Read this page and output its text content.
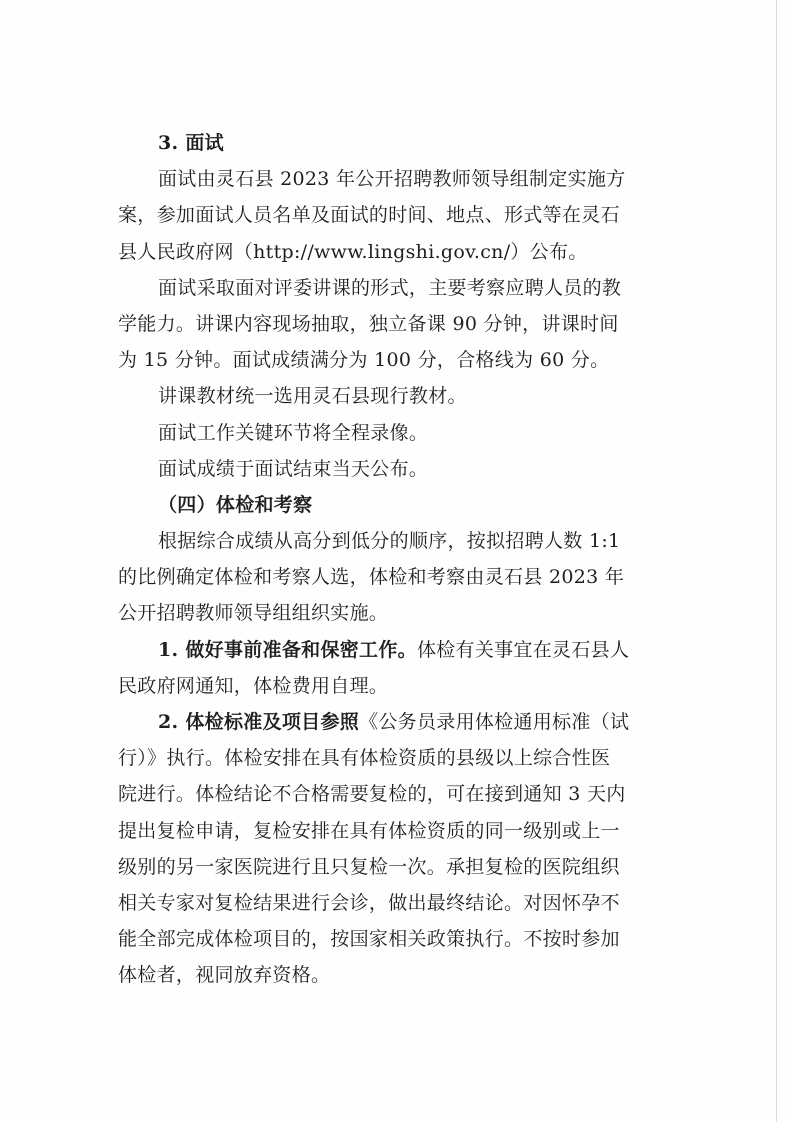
3. 面试
面试由灵石县 2023 年公开招聘教师领导组制定实施方
案，参加面试人员名单及面试的时间、地点、形式等在灵石
县人民政府网（http://www.lingshi.gov.cn/）公布。
面试采取面对评委讲课的形式，主要考察应聘人员的教
学能力。讲课内容现场抽取，独立备课 90 分钟，讲课时间
为 15 分钟。面试成绩满分为 100 分，合格线为 60 分。
讲课教材统一选用灵石县现行教材。
面试工作关键环节将全程录像。
面试成绩于面试结束当天公布。
（四）体检和考察
根据综合成绩从高分到低分的顺序，按拟招聘人数 1:1
的比例确定体检和考察人选，体检和考察由灵石县 2023 年
公开招聘教师领导组组织实施。
1. 做好事前准备和保密工作。体检有关事宜在灵石县人
民政府网通知，体检费用自理。
2. 体检标准及项目参照《公务员录用体检通用标准（试
行）》执行。体检安排在具有体检资质的县级以上综合性医
院进行。体检结论不合格需要复检的，可在接到通知 3 天内
提出复检申请，复检安排在具有体检资质的同一级别或上一
级别的另一家医院进行且只复检一次。承担复检的医院组织
相关专家对复检结果进行会诊，做出最终结论。对因怀孕不
能全部完成体检项目的，按国家相关政策执行。不按时参加
体检者，视同放弃资格。
